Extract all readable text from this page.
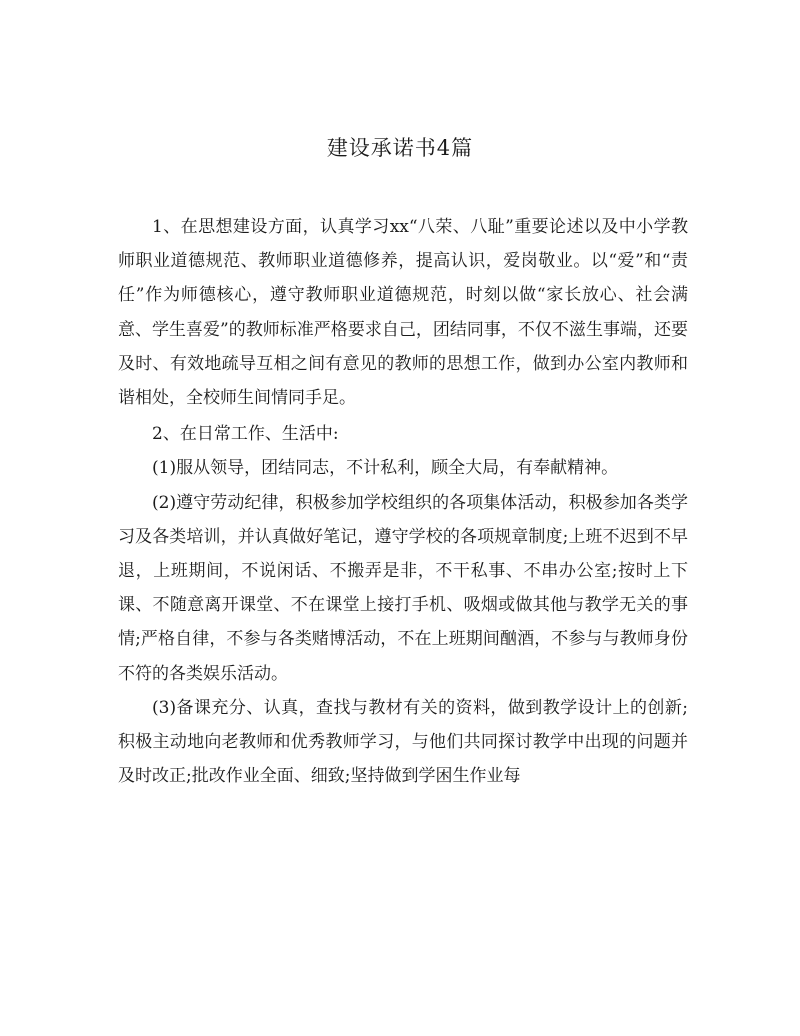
建设承诺书4篇

1、在思想建设方面，认真学习xx“八荣、八耻”重要论述以及中小学教师职业道德规范、教师职业道德修养，提高认识，爱岗敬业。以“爱”和“责任”作为师德核心，遵守教师职业道德规范，时刻以做“家长放心、社会满意、学生喜爱”的教师标准严格要求自己，团结同事，不仅不滋生事端，还要及时、有效地疏导互相之间有意见的教师的思想工作，做到办公室内教师和谐相处，全校师生间情同手足。

2、在日常工作、生活中:

(1)服从领导，团结同志，不计私利，顾全大局，有奉献精神。

(2)遵守劳动纪律，积极参加学校组织的各项集体活动，积极参加各类学习及各类培训，并认真做好笔记，遵守学校的各项规章制度;上班不迟到不早退，上班期间，不说闲话、不搬弄是非，不干私事、不串办公室;按时上下课、不随意离开课堂、不在课堂上接打手机、吸烟或做其他与教学无关的事情;严格自律，不参与各类赌博活动，不在上班期间酗酒，不参与与教师身份不符的各类娱乐活动。

(3)备课充分、认真，查找与教材有关的资料，做到教学设计上的创新;积极主动地向老教师和优秀教师学习，与他们共同探讨教学中出现的问题并及时改正;批改作业全面、细致;坚持做到学困生作业每
